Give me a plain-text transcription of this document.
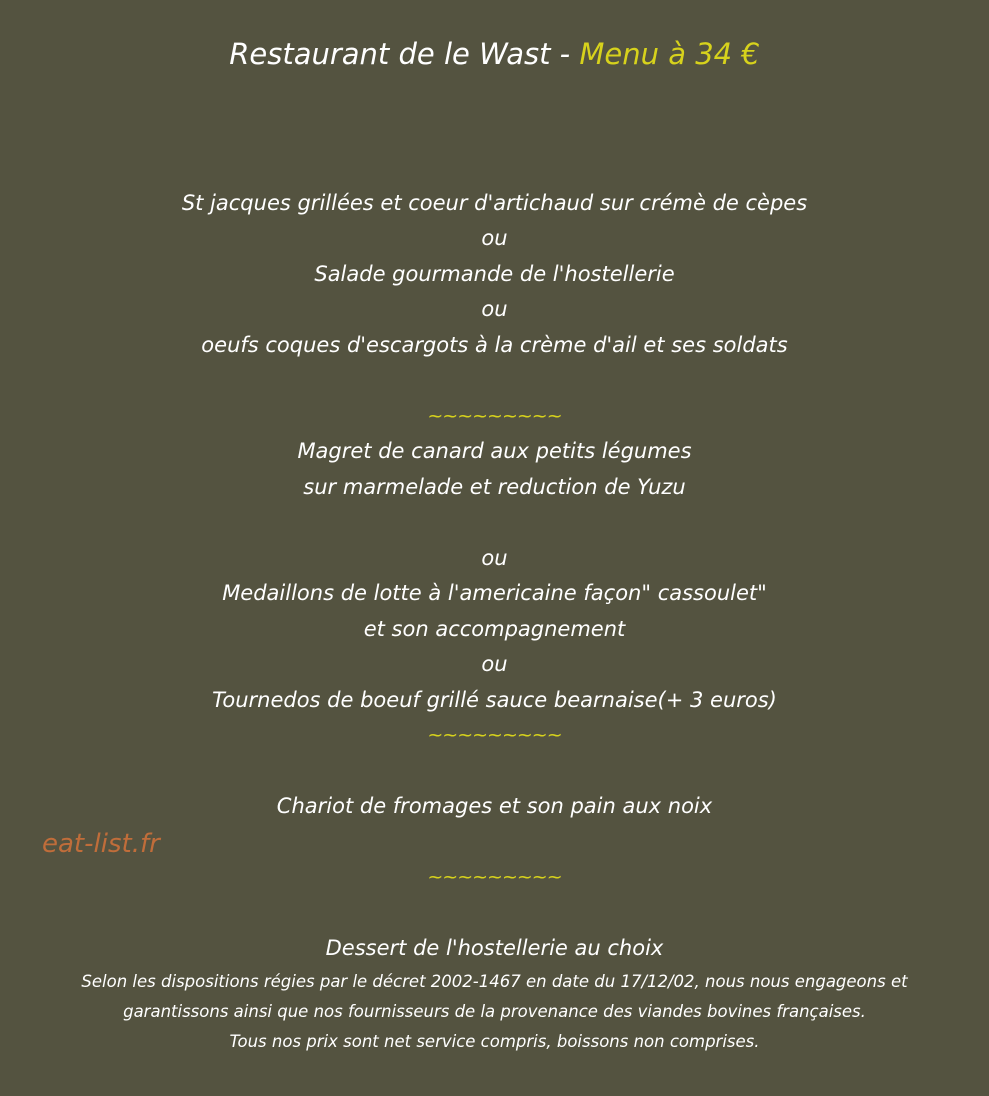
Restaurant de le Wast - Menu à 34 €
St jacques grillées et coeur d'artichaud sur crémè de cèpes
ou
Salade gourmande de l'hostellerie
ou
oeufs coques d'escargots à la crème d'ail et ses soldats
~~~~~~~~~
Magret de canard aux petits légumes
sur marmelade et reduction de Yuzu
ou
Medaillons de lotte à l'americaine façon" cassoulet"
et son accompagnement
ou
Tournedos de boeuf grillé sauce bearnaise(+ 3 euros)
~~~~~~~~~
Chariot de fromages et son pain aux noix
~~~~~~~~~
Dessert de l'hostellerie au choix
eat-list.fr
Selon les dispositions régies par le décret 2002-1467 en date du 17/12/02, nous nous engageons et
garantissons ainsi que nos fournisseurs de la provenance des viandes bovines françaises.
Tous nos prix sont net service compris, boissons non comprises.
